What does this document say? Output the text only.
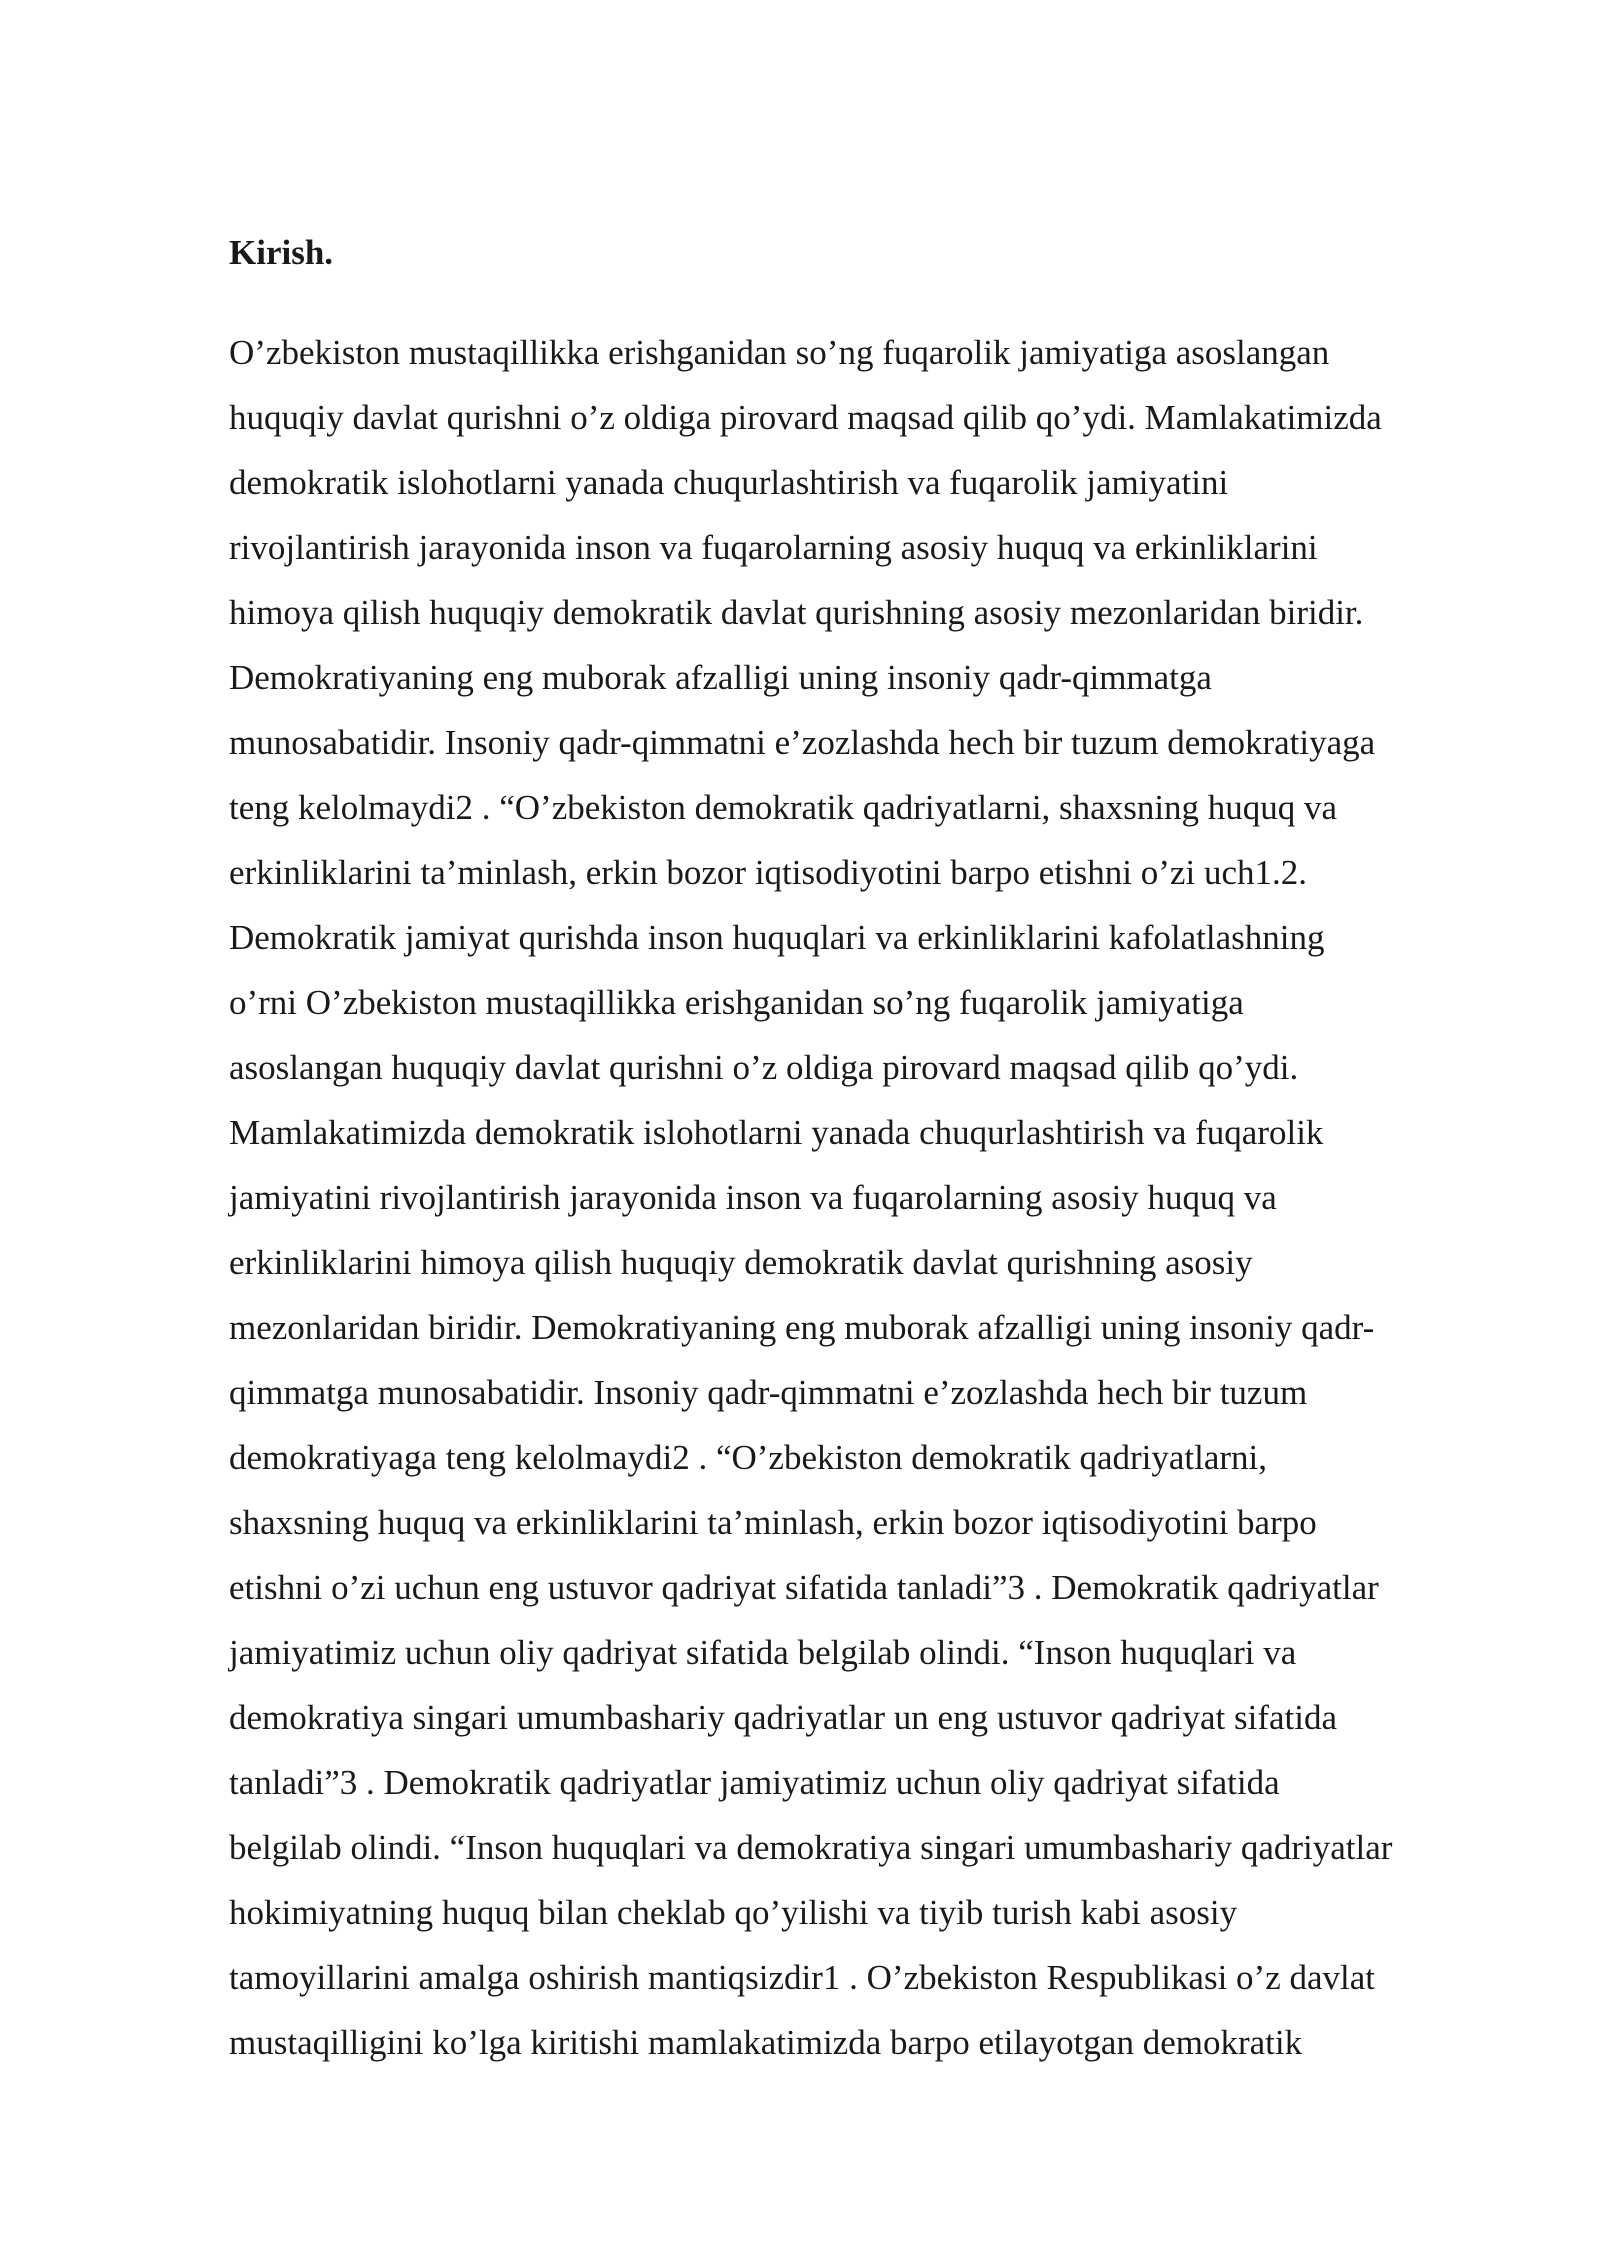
Kirish.

O’zbekiston mustaqillikka erishganidan so’ng fuqarolik jamiyatiga asoslangan
huquqiy davlat qurishni o’z oldiga pirovard maqsad qilib qo’ydi. Mamlakatimizda
demokratik islohotlarni yanada chuqurlashtirish va fuqarolik jamiyatini
rivojlantirish jarayonida inson va fuqarolarning asosiy huquq va erkinliklarini
himoya qilish huquqiy demokratik davlat qurishning asosiy mezonlaridan biridir.
Demokratiyaning eng muborak afzalligi uning insoniy qadr-qimmatga
munosabatidir. Insoniy qadr-qimmatni e’zozlashda hech bir tuzum demokratiyaga
teng kelolmaydi2 . “O’zbekiston demokratik qadriyatlarni, shaxsning huquq va
erkinliklarini ta’minlash, erkin bozor iqtisodiyotini barpo etishni o’zi uch1.2.
Demokratik jamiyat qurishda inson huquqlari va erkinliklarini kafolatlashning
o’rni O’zbekiston mustaqillikka erishganidan so’ng fuqarolik jamiyatiga
asoslangan huquqiy davlat qurishni o’z oldiga pirovard maqsad qilib qo’ydi.
Mamlakatimizda demokratik islohotlarni yanada chuqurlashtirish va fuqarolik
jamiyatini rivojlantirish jarayonida inson va fuqarolarning asosiy huquq va
erkinliklarini himoya qilish huquqiy demokratik davlat qurishning asosiy
mezonlaridan biridir. Demokratiyaning eng muborak afzalligi uning insoniy qadr-
qimmatga munosabatidir. Insoniy qadr-qimmatni e’zozlashda hech bir tuzum
demokratiyaga teng kelolmaydi2 . “O’zbekiston demokratik qadriyatlarni,
shaxsning huquq va erkinliklarini ta’minlash, erkin bozor iqtisodiyotini barpo
etishni o’zi uchun eng ustuvor qadriyat sifatida tanladi”3 . Demokratik qadriyatlar
jamiyatimiz uchun oliy qadriyat sifatida belgilab olindi. “Inson huquqlari va
demokratiya singari umumbashariy qadriyatlar un eng ustuvor qadriyat sifatida
tanladi”3 . Demokratik qadriyatlar jamiyatimiz uchun oliy qadriyat sifatida
belgilab olindi. “Inson huquqlari va demokratiya singari umumbashariy qadriyatlar
hokimiyatning huquq bilan cheklab qo’yilishi va tiyib turish kabi asosiy
tamoyillarini amalga oshirish mantiqsizdir1 . O’zbekiston Respublikasi o’z davlat
mustaqilligini ko’lga kiritishi mamlakatimizda barpo etilayotgan demokratik
